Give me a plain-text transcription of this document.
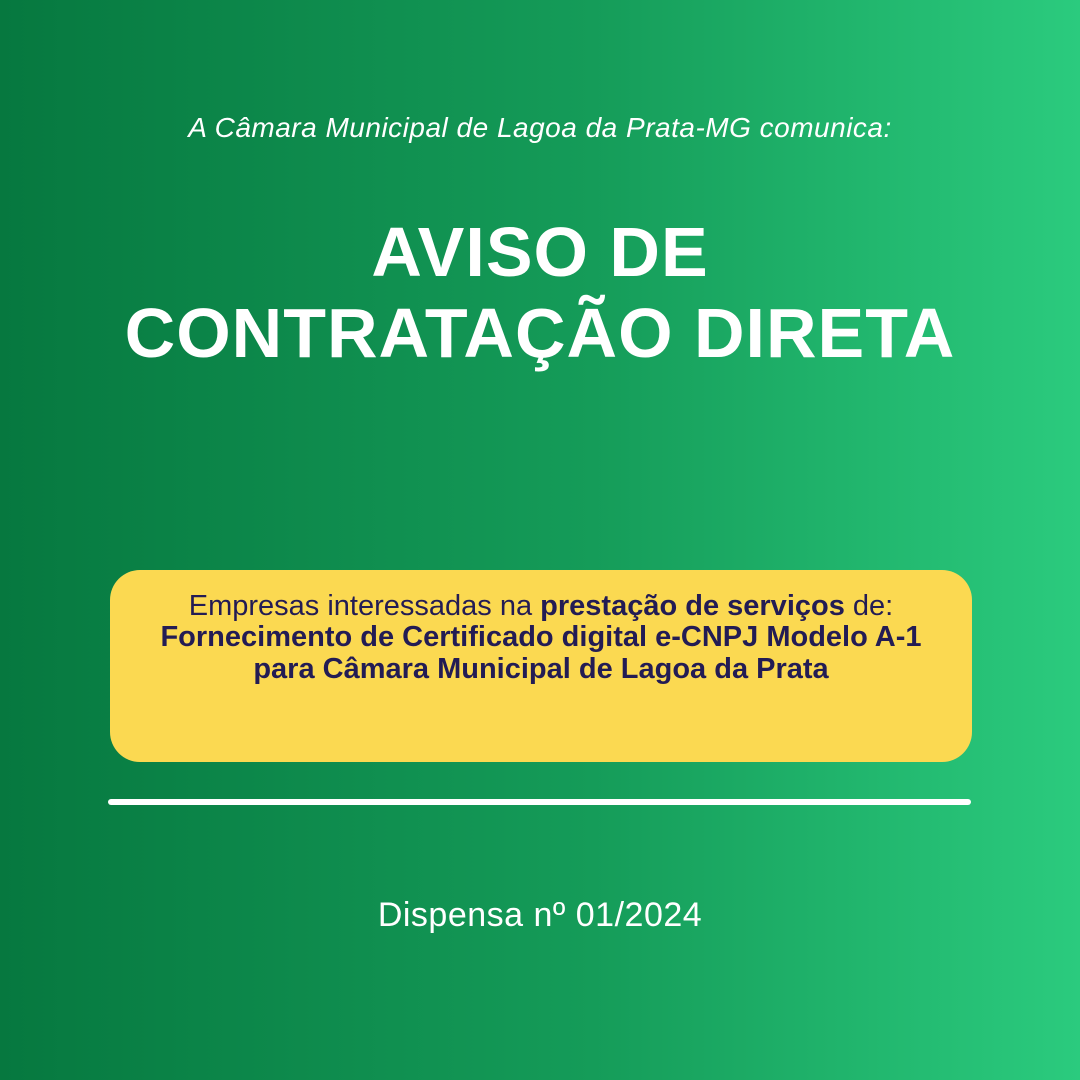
A Câmara Municipal de Lagoa da Prata-MG comunica:
AVISO DE
CONTRATAÇÃO DIRETA
Empresas interessadas na prestação de serviços de:
Fornecimento de Certificado digital e-CNPJ Modelo A-1
para Câmara Municipal de Lagoa da Prata
Dispensa nº 01/2024
